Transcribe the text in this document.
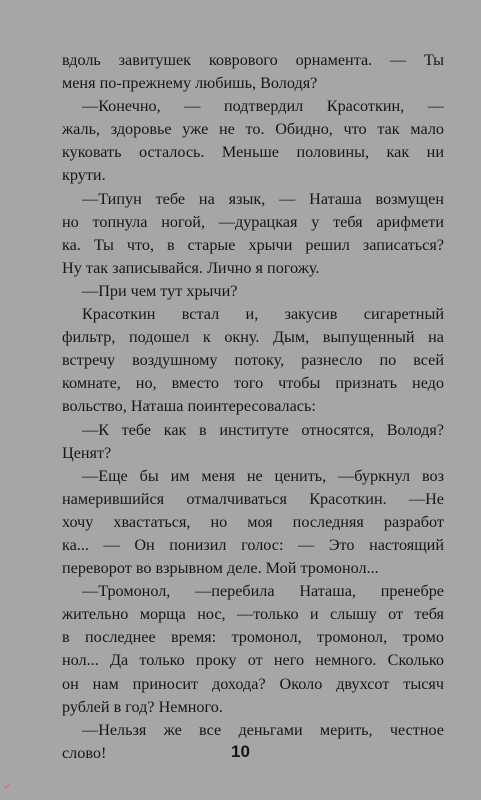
вдоль завитушек коврового орнамента. — Ты
меня по-прежнему любишь, Володя?
—Конечно, — подтвердил Красоткин, —
жаль, здоровье уже не то. Обидно, что так мало
куковать осталось. Меньше половины, как ни
крути.
—Типун тебе на язык, — Наташа возмущен
но топнула ногой, —дурацкая у тебя арифмети
ка. Ты что, в старые хрычи решил записаться?
Ну так записывайся. Лично я погожу.
—При чем тут хрычи?
Красоткин встал и, закусив сигаретный
фильтр, подошел к окну. Дым, выпущенный на
встречу воздушному потоку, разнесло по всей
комнате, но, вместо того чтобы признать недо
вольство, Наташа поинтересовалась:
—К тебе как в институте относятся, Володя?
Ценят?
—Еще бы им меня не ценить, —буркнул воз
намерившийся отмалчиваться Красоткин. —Не
хочу хвастаться, но моя последняя разработ
ка... — Он понизил голос: — Это настоящий
переворот во взрывном деле. Мой тромонол...
—Тромонол, —перебила Наташа, пренебре
жительно морща нос, —только и слышу от тебя
в последнее время: тромонол, тромонол, тромо
нол... Да только проку от него немного. Сколько
он нам приносит дохода? Около двухсот тысяч
рублей в год? Немного.
—Нельзя же все деньгами мерить, честное
слово!	10
✓
